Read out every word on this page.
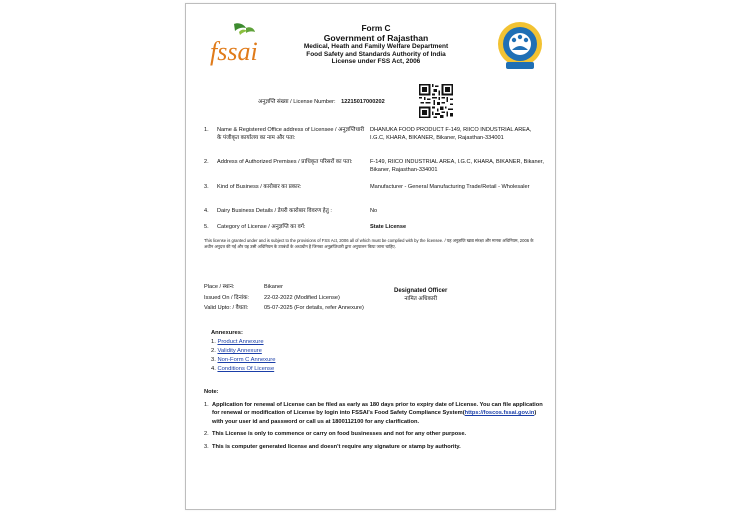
fssai
Form C
Government of Rajasthan
Medical, Heath and Family Welfare Department
Food Safety and Standards Authority of India
License under FSS Act, 2006
अनुज्ञप्ति संख्या / License Number: 12215017000202
1. Name & Registered Office address of Licensee / अनुज्ञप्तिधारी के पंजीकृत कार्यालय का नाम और पता:
DHANUKA FOOD PRODUCT F-149, RIICO INDUSTRIAL AREA, I.G.C, KHARA, BIKANER, Bikaner, Rajasthan-334001
2. Address of Authorized Premises / प्राधिकृत परिसरों का पता:	F-149, RIICO INDUSTRIAL AREA, I.G.C, KHARA, BIKANER, Bikaner, Bikaner, Rajasthan-334001
3. Kind of Business / कारोबार का प्रकार:	Manufacturer - General Manufacturing Trade/Retail - Wholesaler
4. Dairy Business Details / डेयरी कारोबार विवरण हेतु :	No
5. Category of License / अनुज्ञप्ति का वर्ग:	State License
This license is granted under and is subject to the provisions of FSS Act, 2006 all of which must be complied with by the licensee. / यह अनुज्ञप्ति खाद्य संरक्षा और मानक अधिनियम, 2006 के अधीन अनुदत्त की गई और यह उसी अधिनियम के उपबंधों के अध्यधीन है जिनका अनुज्ञप्तिधारी द्वारा अनुपालन किया जाना चाहिए.
Place / स्थान:	Bikaner
Issued On / दिनांक:	22-02-2022 (Modified License)
Valid Upto: / वैधता:	05-07-2025 (For details, refer Annexure)
Designated Officer
नामित अधिकारी
Annexures:
1. Product Annexure
2. Validity Annexure
3. Non-Form C Annexure
4. Conditions Of License
Note:
1. Application for renewal of License can be filed as early as 180 days prior to expiry date of License. You can file application for renewal or modification of License by login into FSSAI's Food Safety Compliance System(https://foscos.fssai.gov.in) with your user id and password or call us at 1800112100 for any clarification.
2. This License is only to commence or carry on food businesses and not for any other purpose.
3. This is computer generated license and doesn't require any signature or stamp by authority.
